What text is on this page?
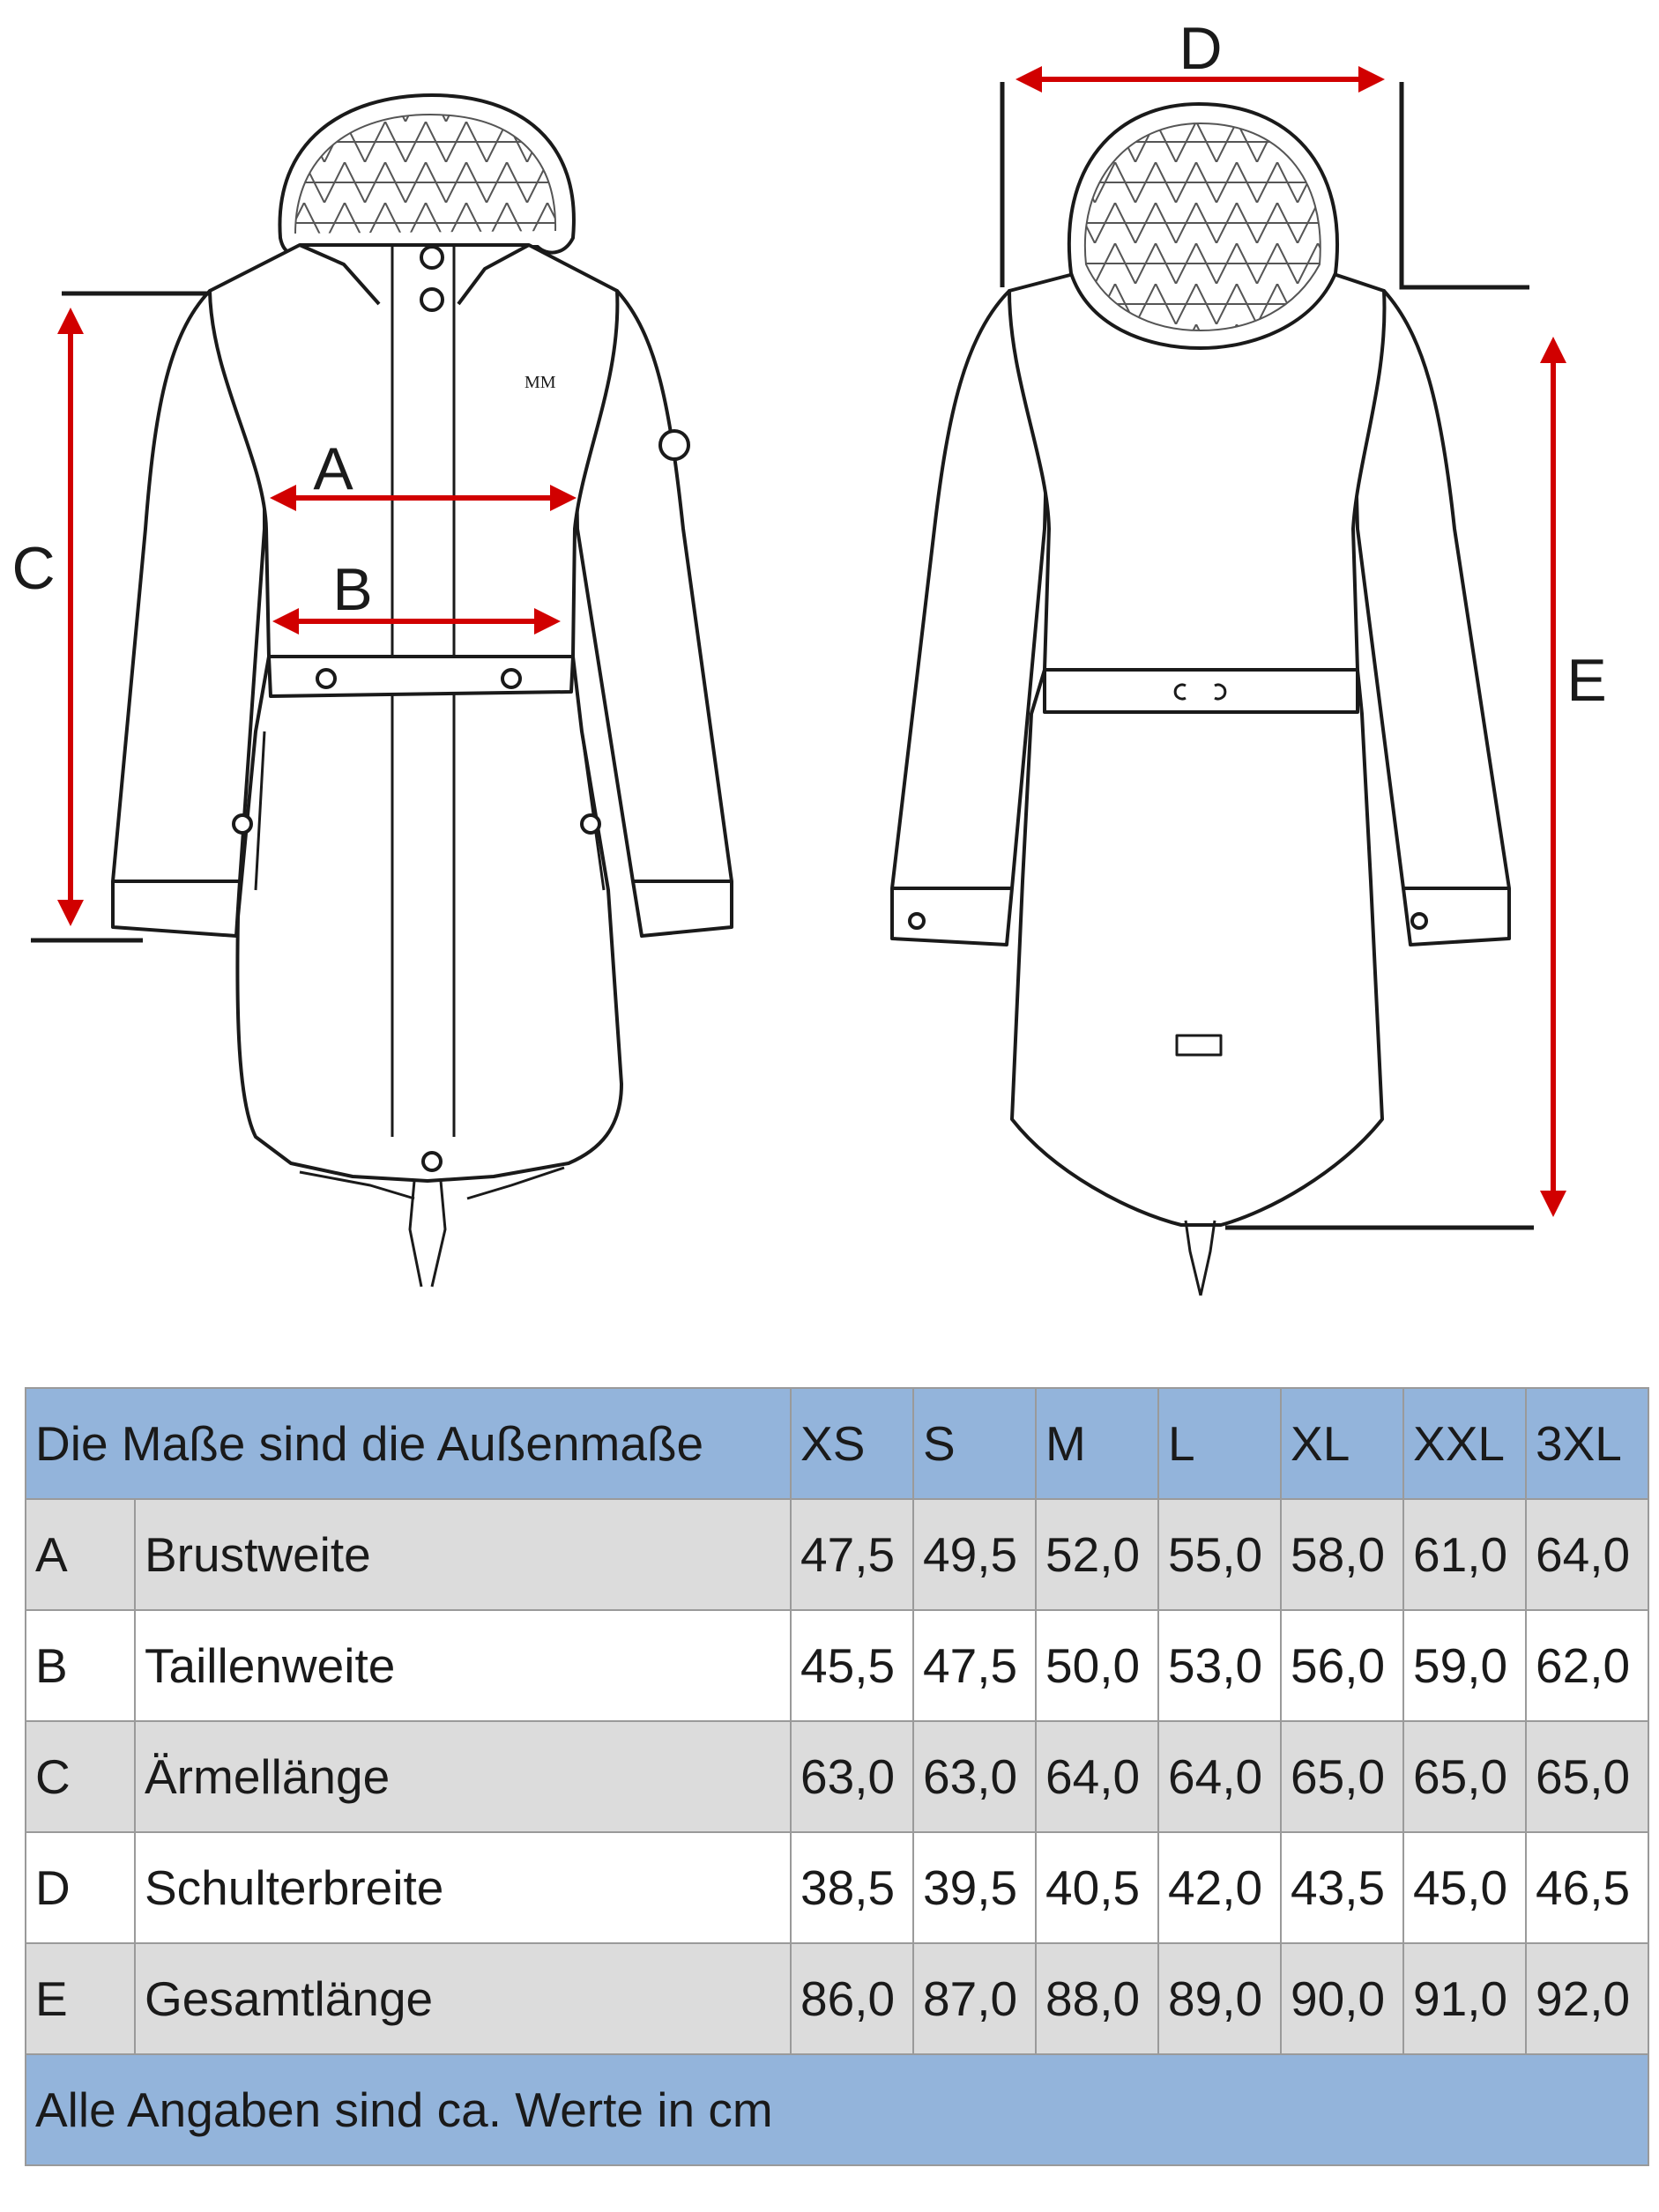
MM
A
B
C
D
E
Die Maße sind die Außenmaße		XS	S	M	L	XL	XXL	3XL
A	Brustweite	47,5	49,5	52,0	55,0	58,0	61,0	64,0
B	Taillenweite	45,5	47,5	50,0	53,0	56,0	59,0	62,0
C	Ärmellänge	63,0	63,0	64,0	64,0	65,0	65,0	65,0
D	Schulterbreite	38,5	39,5	40,5	42,0	43,5	45,0	46,5
E	Gesamtlänge	86,0	87,0	88,0	89,0	90,0	91,0	92,0
Alle Angaben sind ca. Werte in cm								
